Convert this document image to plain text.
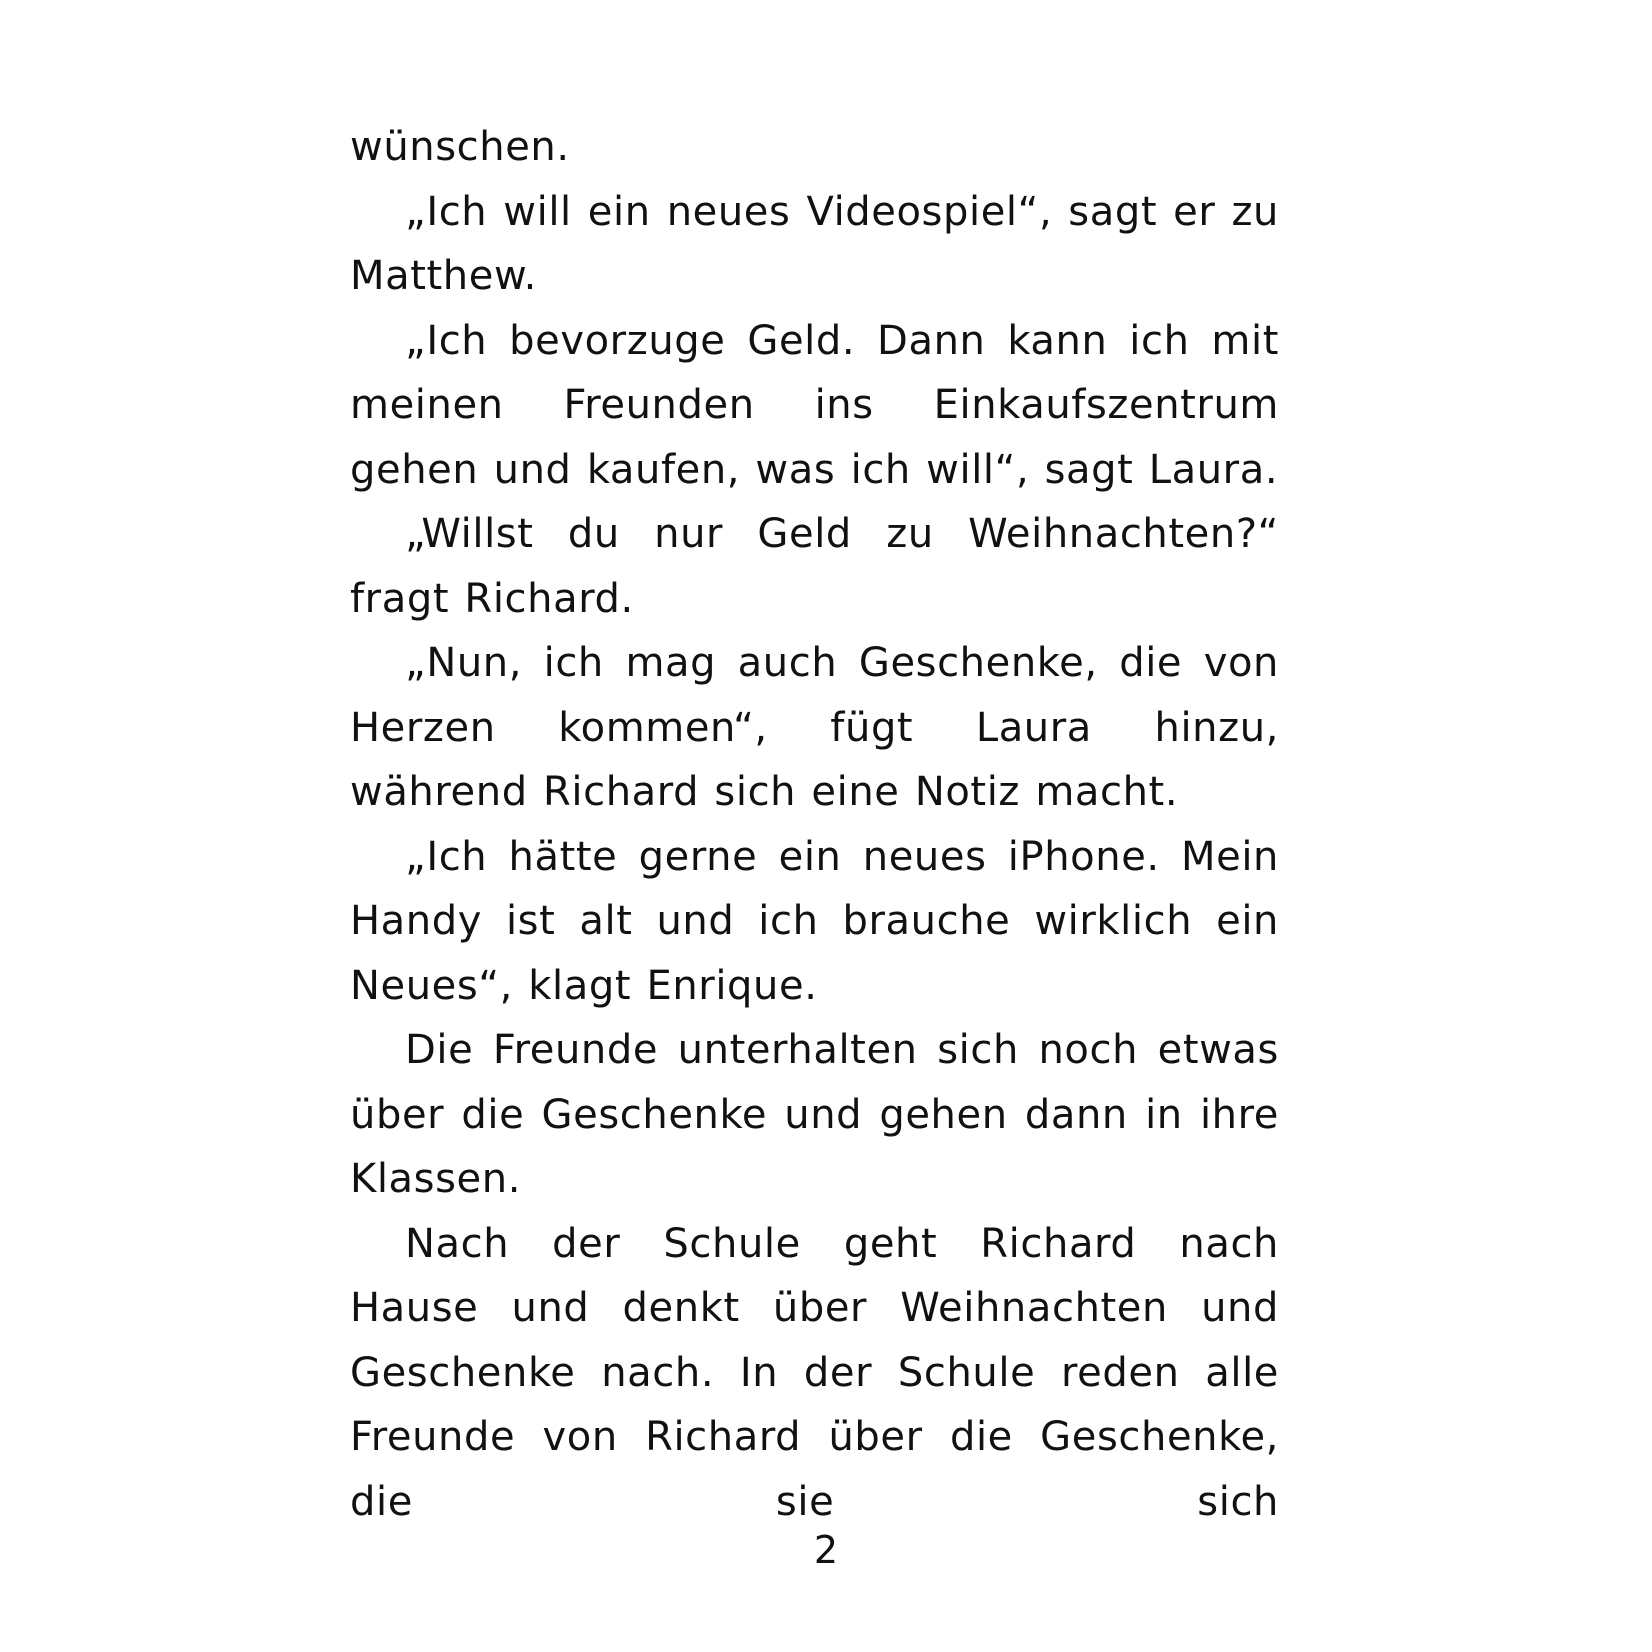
wünschen.

„Ich will ein neues Videospiel“, sagt er zu Matthew.

„Ich bevorzuge Geld. Dann kann ich mit meinen Freunden ins Einkaufszentrum gehen und kaufen, was ich will“, sagt Laura.

„Willst du nur Geld zu Weihnachten?“ fragt Richard.

„Nun, ich mag auch Geschenke, die von Herzen kommen“, fügt Laura hinzu, während Richard sich eine Notiz macht.

„Ich hätte gerne ein neues iPhone. Mein Handy ist alt und ich brauche wirklich ein Neues“, klagt Enrique.

Die Freunde unterhalten sich noch etwas über die Geschenke und gehen dann in ihre Klassen.

Nach der Schule geht Richard nach Hause und denkt über Weihnachten und Geschenke nach. In der Schule reden alle Freunde von Richard über die Geschenke, die sie sich

2
